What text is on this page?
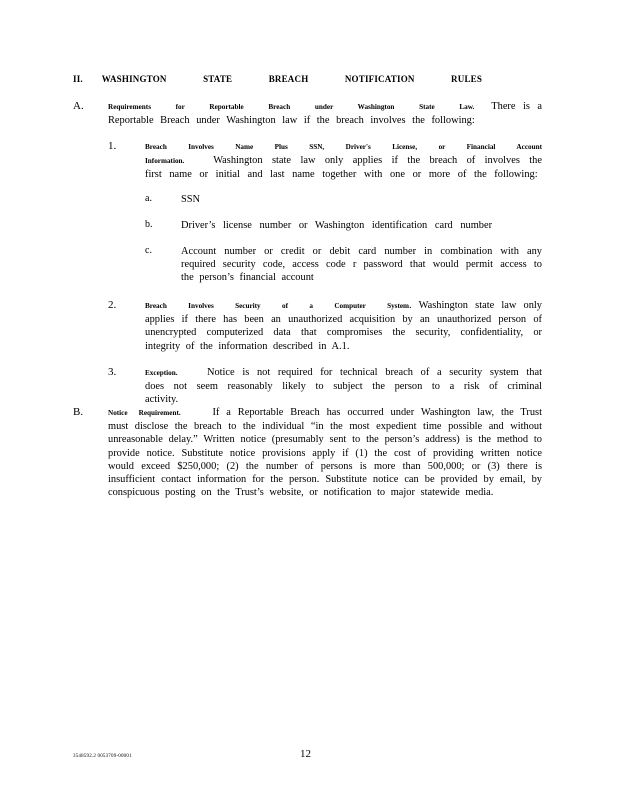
II. WASHINGTON STATE BREACH NOTIFICATION RULES
A.	Requirements for Reportable Breach under Washington State Law. There is a Reportable Breach under Washington law if the breach involves the following:
1.	Breach Involves Name Plus SSN, Driver's License, or Financial Account Information.	Washington state law only applies if the breach of involves the first name or initial and last name together with one or more of the following:
a.	SSN
b.	Driver’s license number or Washington identification card number
c.	Account number or credit or debit card number in combination with any required security code, access code r password that would permit access to the person’s financial account
2.	Breach Involves Security of a Computer System. Washington state law only applies if there has been an unauthorized acquisition by an unauthorized person of unencrypted computerized data that compromises the security, confidentiality, or integrity of the information described in A.1.
3.	Exception.	Notice is not required for technical breach of a security system that does not seem reasonably likely to subject the person to a risk of criminal activity.
B.	Notice Requirement.	If a Reportable Breach has occurred under Washington law, the Trust must disclose the breach to the individual “in the most expedient time possible and without unreasonable delay.” Written notice (presumably sent to the person’s address) is the method to provide notice. Substitute notice provisions apply if (1) the cost of providing written notice would exceed $250,000; (2) the number of persons is more than 500,000; or (3) there is insufficient contact information for the person. Substitute notice can be provided by email, by conspicuous posting on the Trust’s website, or notification to major statewide media.
3548592.2 0053709-00001	12
